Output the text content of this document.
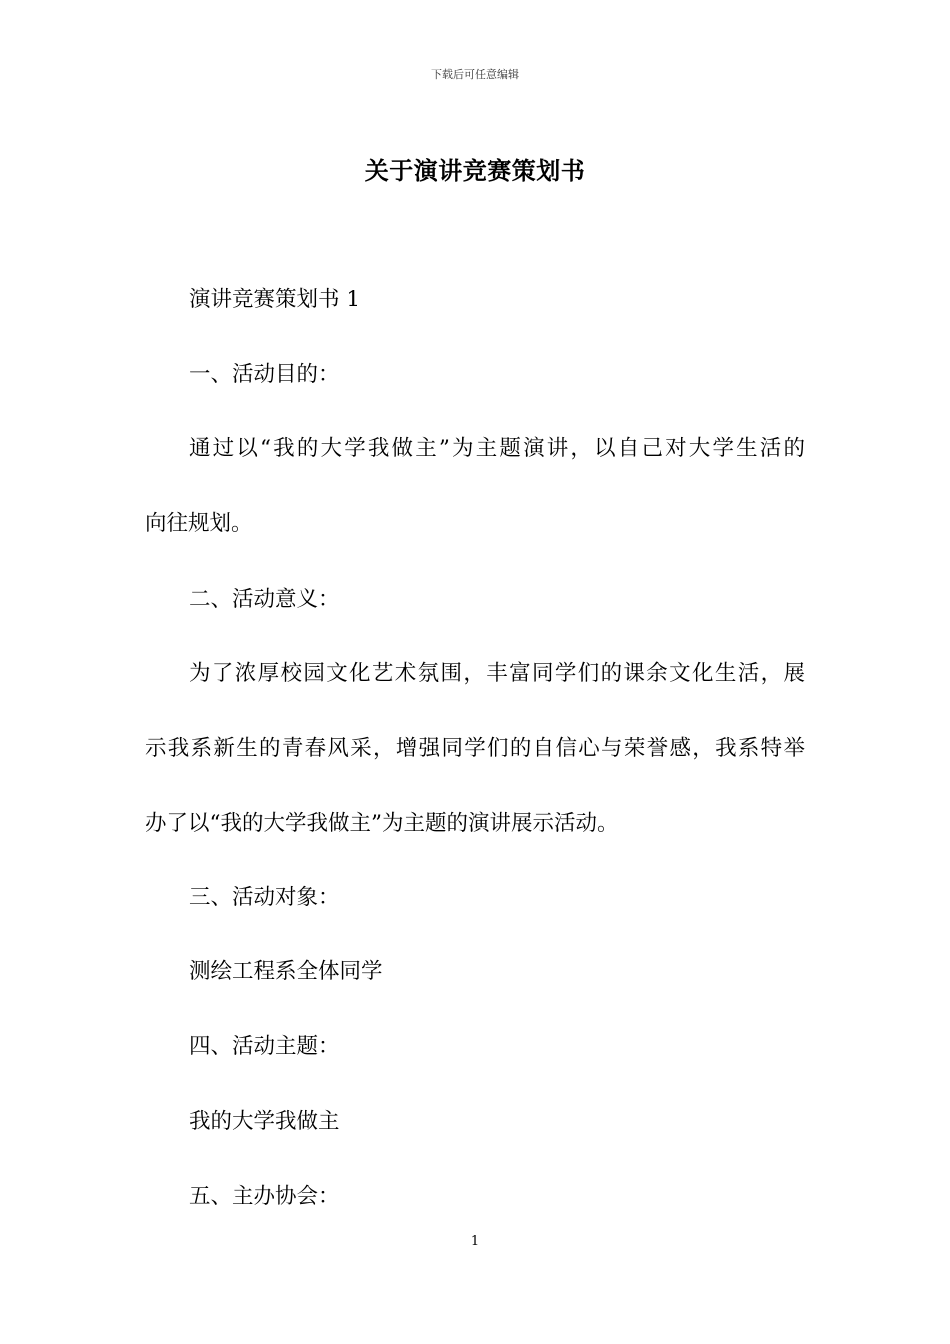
下载后可任意编辑
关于演讲竞赛策划书
演讲竞赛策划书 1
一、活动目的：
通过以“我的大学我做主”为主题演讲，以自己对大学生活的
向往规划。
二、活动意义：
为了浓厚校园文化艺术氛围，丰富同学们的课余文化生活，展
示我系新生的青春风采，增强同学们的自信心与荣誉感，我系特举
办了以“我的大学我做主”为主题的演讲展示活动。
三、活动对象：
测绘工程系全体同学
四、活动主题：
我的大学我做主
五、主办协会：
1
